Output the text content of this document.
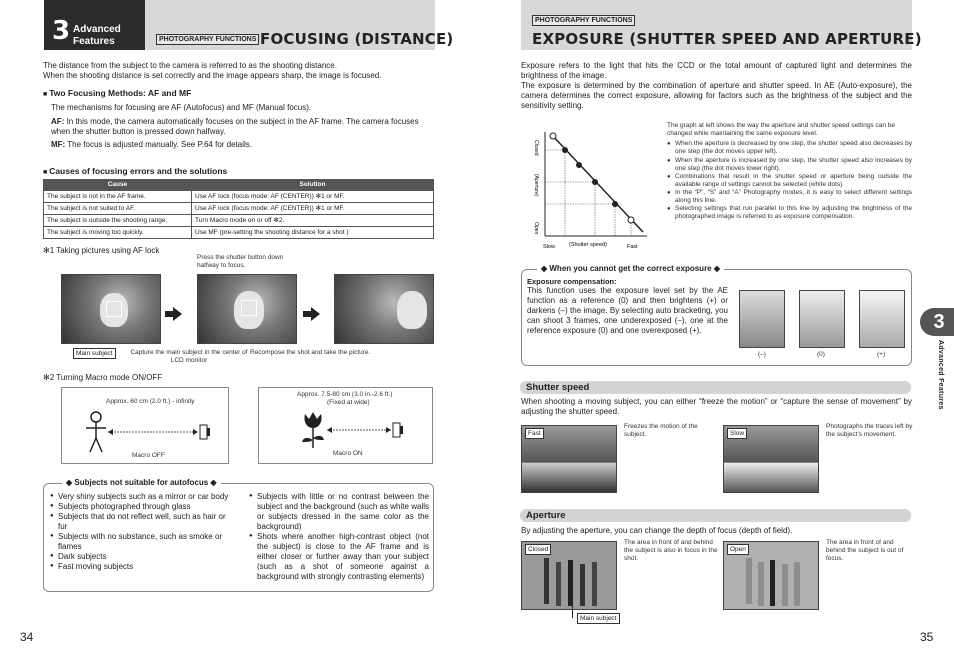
3 Advanced
Features	PHOTOGRAPHY FUNCTIONS FOCUSING (DISTANCE)
The distance from the subject to the camera is referred to as the shooting distance.
When the shooting distance is set correctly and the image appears sharp, the image is focused.
■ Two Focusing Methods: AF and MF
The mechanisms for focusing are AF (Autofocus) and MF (Manual focus).
AF: In this mode, the camera automatically focuses on the subject in the AF frame. The camera focuses when the shutter button is pressed down halfway.
MF: The focus is adjusted manually. See P.64 for details.
■ Causes of focusing errors and the solutions
Cause	Solution
The subject is not in the AF frame.	Use AF lock (focus mode: AF (CENTER)) ✻1 or MF.
The subject is not suited to AF.	Use AF lock (focus mode: AF (CENTER)) ✻1 or MF.
The subject is outside the shooting range.	Turn Macro mode on or off ✻2.
The subject is moving too quickly.	Use MF (pre-setting the shooting distance for a shot )
✻1 Taking pictures using AF lock
Press the shutter button down halfway to focus.
Main subject	Capture the main subject in the center of LCD monitor
Recompose the shot and take the picture.
✻2 Turning Macro mode ON/OFF
Approx. 60 cm (2.0 ft.) - infinity
Macro OFF
Approx. 7.5-80 cm (3.0 in.-2.6 ft.)
(Fixed at wide)
Macro ON
◆ Subjects not suitable for autofocus ◆
● Very shiny subjects such as a mirror or car body
● Subjects photographed through glass
● Subjects that do not reflect well, such as hair or fur
● Subjects with no substance, such as smoke or flames
● Dark subjects
● Fast moving subjects
● Subjects with little or no contrast between the subject and the background (such as white walls or subjects dressed in the same color as the background)
● Shots where another high-contrast object (not the subject) is close to the AF frame and is either closer or further away than your subject (such as a shot of someone against a background with strongly contrasting elements)
34
PHOTOGRAPHY FUNCTIONS
EXPOSURE (SHUTTER SPEED AND APERTURE)
Exposure refers to the light that hits the CCD or the total amount of captured light and determines the brightness of the image.
The exposure is determined by the combination of aperture and shutter speed. In AE (Auto-exposure), the camera determines the correct exposure, allowing for factors such as the brightness of the subject and the sensitivity setting.
Closed
(Aperture)
Open
Slow	(Shutter speed)	Fast
The graph at left shows the way the aperture and shutter speed settings can be changed while maintaining the same exposure level.
● When the aperture is decreased by one step, the shutter speed also decreases by one step (the dot moves upper left).
● When the aperture is increased by one step, the shutter speed also increases by one step (the dot moves lower right).
● Combinations that result in the shutter speed or aperture being outside the available range of settings cannot be selected (white dots).
● In the “P”, “S” and “A” Photography modes, it is easy to select different settings along this line.
● Selecting settings that run parallel to this line by adjusting the brightness of the photographed image is referred to as exposure compensation.
◆ When you cannot get the correct exposure ◆
Exposure compensation:
This function uses the exposure level set by the AE function as a reference (0) and then brightens (+) or darkens (–) the image. By selecting auto bracketing, you can shoot 3 frames, one underexposed (–), one at the reference exposure (0) and one overexposed (+).
(–)	(0)	(+)
Shutter speed
When shooting a moving subject, you can either “freeze the motion” or “capture the sense of movement” by adjusting the shutter speed.
Fast
Freezes the motion of the subject.	Slow
Photographs the traces left by the subject’s movement.
Aperture
By adjusting the aperture, you can change the depth of focus (depth of field).
Closed
The area in front of and behind the subject is also in focus in the shot.
Open
The area in front of and behind the subject is out of focus.
Main subject
3
Advanced Features
35
